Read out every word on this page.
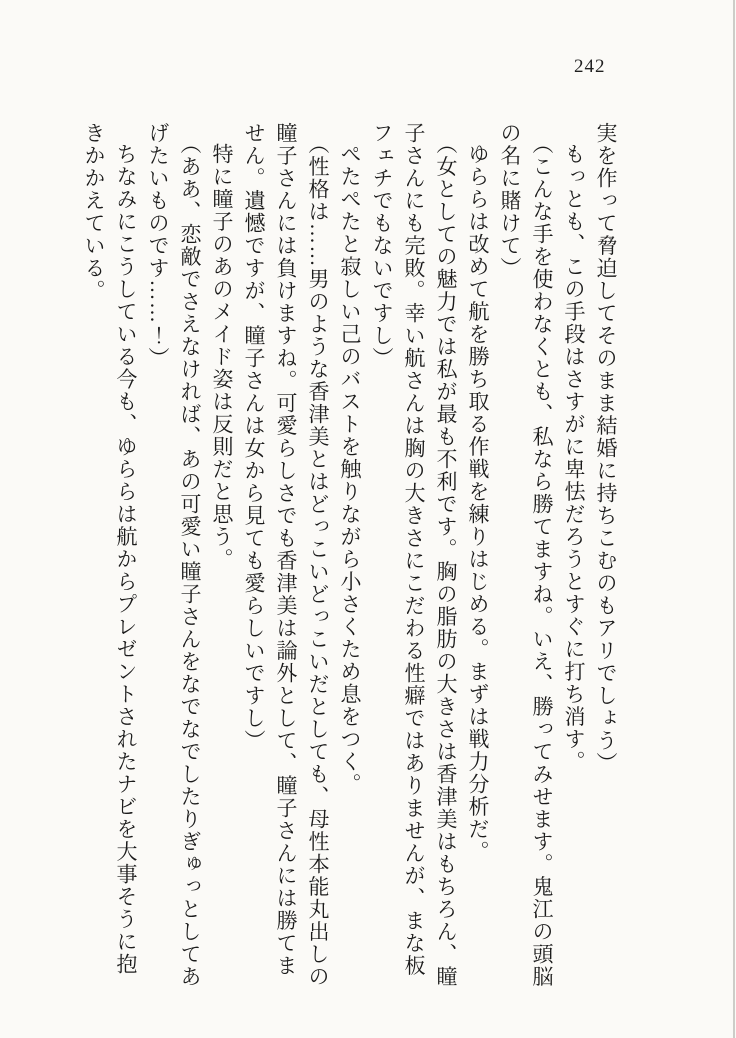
242

実を作って脅迫してそのまま結婚に持ちこむのもアリでしょう）

もっとも、この手段はさすがに卑怯だろうとすぐに打ち消す。

（こんな手を使わなくとも、私なら勝てますね。いえ、勝ってみせます。鬼江の頭脳の名に賭けて）

ゆららは改めて航を勝ち取る作戦を練りはじめる。まずは戦力分析だ。

（女としての魅力では私が最も不利です。胸の脂肪の大きさは香津美はもちろん、瞳子さんにも完敗。幸い航さんは胸の大きさにこだわる性癖ではありませんが、まな板フェチでもないですし）

ぺたぺたと寂しい己のバストを触りながら小さくため息をつく。

（性格は……男のような香津美とはどっこいどっこいだとしても、母性本能丸出しの瞳子さんには負けますね。可愛らしさでも香津美は論外として、瞳子さんには勝てません。遺憾ですが、瞳子さんは女から見ても愛らしいですし）

特に瞳子のあのメイド姿は反則だと思う。

（ああ、恋敵でさえなければ、あの可愛い瞳子さんをなでなでしたりぎゅっとしてあげたいものです……！）

ちなみにこうしている今も、ゆららは航からプレゼントされたナビを大事そうに抱きかかえている。
